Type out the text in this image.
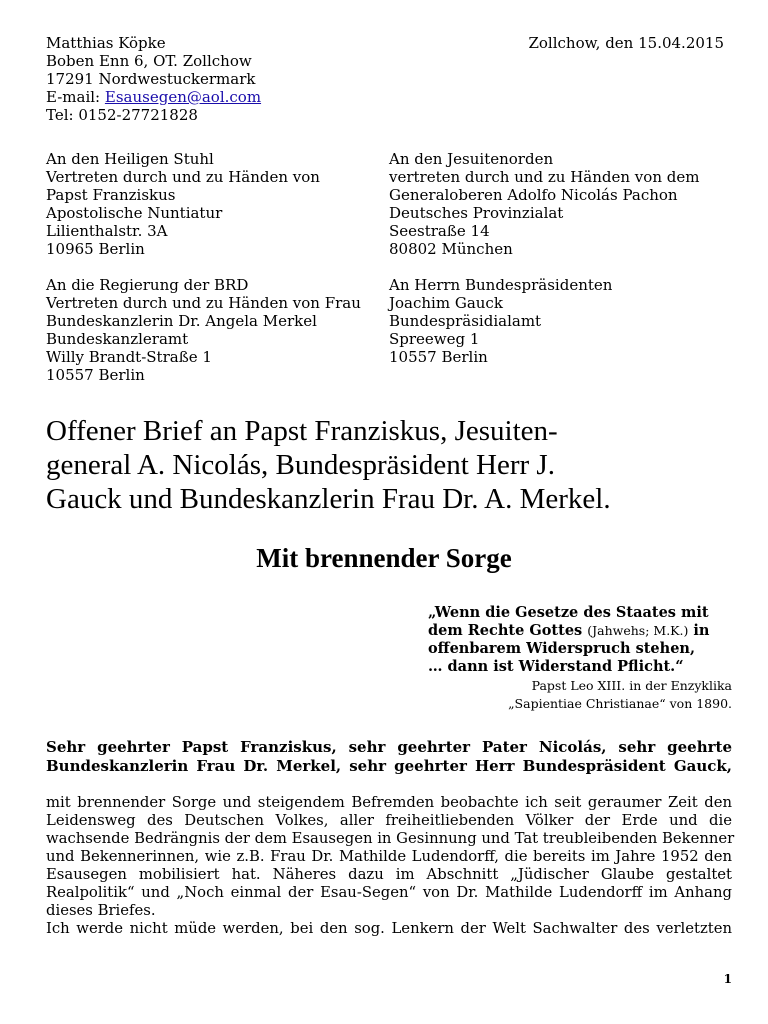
Matthias Köpke
Boben Enn 6, OT. Zollchow
17291 Nordwestuckermark
E-mail: Esausegen@aol.com
Tel: 0152-27721828
Zollchow, den 15.04.2015
An den Heiligen Stuhl
Vertreten durch und zu Händen von
Papst Franziskus
Apostolische Nuntiatur
Lilienthalstr. 3A
10965 Berlin
An den Jesuitenorden
vertreten durch und zu Händen von dem
Generaloberen Adolfo Nicolás Pachon
Deutsches Provinzialat
Seestraße 14
80802 München
An die Regierung der BRD
Vertreten durch und zu Händen von Frau
Bundeskanzlerin Dr. Angela Merkel
Bundeskanzleramt
Willy Brandt-Straße 1
10557 Berlin
An Herrn Bundespräsidenten
Joachim Gauck
Bundespräsidialamt
Spreeweg 1
10557 Berlin
Offener Brief an Papst Franziskus, Jesuiten-
general A. Nicolás, Bundespräsident Herr J.
Gauck und Bundeskanzlerin Frau Dr. A. Merkel.
Mit brennender Sorge
„Wenn die Gesetze des Staates mit
dem Rechte Gottes (Jahwehs; M.K.) in
offenbarem Widerspruch stehen,
… dann ist Widerstand Pflicht.“
Papst Leo XIII. in der Enzyklika
„Sapientiae Christianae“ von 1890.
Sehr geehrter Papst Franziskus, sehr geehrter Pater Nicolás, sehr geehrte
Bundeskanzlerin Frau Dr. Merkel, sehr geehrter Herr Bundespräsident Gauck,
mit brennender Sorge und steigendem Befremden beobachte ich seit geraumer Zeit den
Leidensweg des Deutschen Volkes, aller freiheitliebenden Völker der Erde und die
wachsende Bedrängnis der dem Esausegen in Gesinnung und Tat treubleibenden Bekenner
und Bekennerinnen, wie z.B. Frau Dr. Mathilde Ludendorff, die bereits im Jahre 1952 den
Esausegen mobilisiert hat. Näheres dazu im Abschnitt „Jüdischer Glaube gestaltet
Realpolitik“ und „Noch einmal der Esau-Segen“ von Dr. Mathilde Ludendorff im Anhang
dieses Briefes.
Ich werde nicht müde werden, bei den sog. Lenkern der Welt Sachwalter des verletzten
1
